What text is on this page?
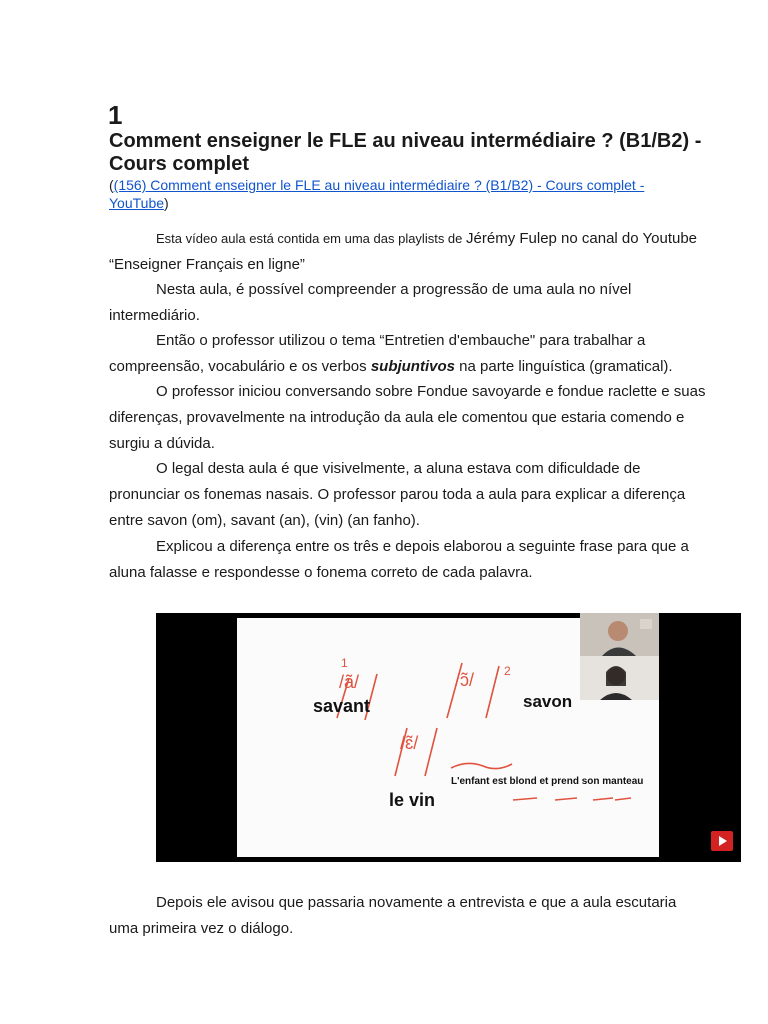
1
Comment enseigner le FLE au niveau intermédiaire ? (B1/B2) - Cours complet
((156) Comment enseigner le FLE au niveau intermédiaire ? (B1/B2) - Cours complet - YouTube)
Esta vídeo aula está contida em uma das playlists de Jérémy Fulep no canal do Youtube “Enseigner Français en ligne”
Nesta aula, é possível compreender a progressão de uma aula no nível intermediário.
Então o professor utilizou o tema “Entretien d'embauche" para trabalhar a compreensão, vocabulário e os verbos subjuntivos na parte linguística (gramatical).
O professor iniciou conversando sobre Fondue savoyarde e fondue raclette e suas diferenças, provavelmente na introdução da aula ele comentou que estaria comendo e surgiu a dúvida.
O legal desta aula é que visivelmente, a aluna estava com dificuldade de pronunciar os fonemas nasais. O professor parou toda a aula para explicar a diferença entre savon (om), savant (an), (vin) (an fanho).
Explicou a diferença entre os três e depois elaborou a seguinte frase para que a aluna falasse e respondesse o fonema correto de cada palavra.
/ã/
1
/ɔ̃/ 2
/ɛ̃/
savant	savon
le vin
L'enfant est blond et prend son manteau
Depois ele avisou que passaria novamente a entrevista e que a aula escutaria uma primeira vez o diálogo.
